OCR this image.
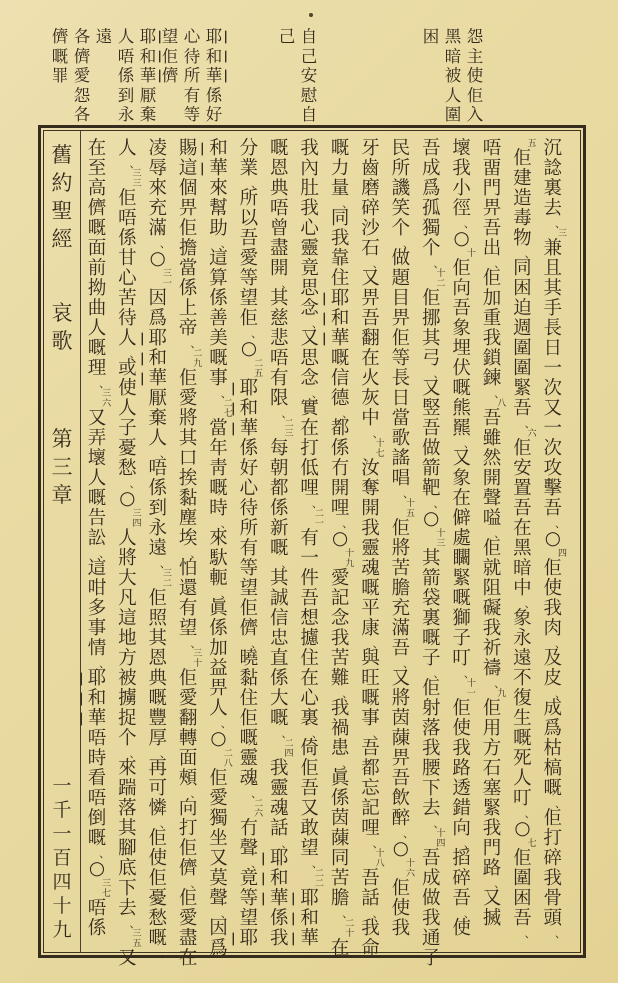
怨
主
使
佢
入
黑
暗
被
人
圍
困
自
己
安
慰
自
己
耶
和
華
係
好
心
待
所
有
等
望
佢
儕
耶
和
華
厭
棄
人
唔
係
到
永
遠
各
儕
愛
怨
各
儕
嘅
罪
舊約聖經
哀歌
第三章
一千一百四十九
沉
諗
裏
去
、
三
兼
且
其
手
長
日
一
次
又
一
次
攻
擊
吾
、
○
四
佢
使
我
肉
、
及
皮
、
成
爲
枯
槁
嘅
、
佢
打
碎
我
骨
頭
、
五
佢
建
造
毒
物
、
同
困
迫
週
圍
圍
緊
吾
、
六
佢
安
置
吾
在
黑
暗
中
、
象
永
遠
不
復
生
嘅
死
人
叮
、
○
七
佢
圍
困
吾
、
唔
畱
門
畀
吾
出
、
佢
加
重
我
鎖
鍊
、
八
吾
雖
然
開
聲
嗌
、
佢
就
阻
礙
我
祈
禱
、
九
佢
用
方
石
塞
緊
我
門
路
、
又
搣
壞
我
小
徑
、
○
十
佢
向
吾
象
埋
伏
嘅
熊
羆
、
又
象
在
僻
處
矙
緊
嘅
獅
子
叮
、
十一
佢
使
我
路
透
錯
向
、
搯
碎
吾
、
使
吾
成
爲
孤
獨
个
、
十二
佢
挪
其
弓
、
又
竪
吾
做
箭
靶
、
○
十三
其
箭
袋
裏
嘅
子
、
佢
射
落
我
腰
下
去
、
十四
吾
成
做
我
通
子
民
所
譏
笑
个
、
做
題
目
畀
佢
等
長
日
當
歌
謠
唱
、
十五
佢
將
苦
膽
充
滿
吾
、
又
將
茵
蔯
畀
吾
飲
醉
、
○
十六
佢
使
我
牙
齒
磨
碎
沙
石
、
又
畀
吾
翻
在
火
灰
中
、
十七
汝
奪
開
我
靈
魂
嘅
平
康
、
與
旺
嘅
事
、
吾
都
忘
記
哩
、
十八
吾
話
、
我
命
嘅
力
量
、
同
我
靠
住
耶
和
華
嘅
信
德
、
都
係
冇
開
哩
、
○
十九
愛
記
念
我
苦
難
、
我
禍
患
、
眞
係
茵
蔯
同
苦
膽
、
二十
在
我
內
肚
我
心
靈
竟
思
念
、
又
思
念
、
實
在
打
低
哩
、
二一
有
一
件
吾
想
攄
住
在
心
裏
、
倚
佢
吾
又
敢
望
、
二二
耶
和
華
嘅
恩
典
唔
曾
盡
開
、
其
慈
悲
唔
有
限
、
二三
每
朝
都
係
新
嘅
、
其
誠
信
忠
直
係
大
嘅
、
二四
我
靈
魂
話
、
耶
和
華
係
我
分
業
、
所
以
吾
愛
等
望
佢
、
○
二五
耶
和
華
係
好
心
待
所
有
等
望
佢
儕
、
曉
黏
住
佢
嘅
靈
魂
、
二六
冇
聲
、
竟
等
望
耶
和
華
來
幫
助
、
這
算
係
善
美
嘅
事
、
二七
當
年
靑
嘅
時
、
來
馱
軛
、
眞
係
加
益
畀
人
、
○
二八
佢
愛
獨
坐
又
莫
聲
、
因
爲
賜
這
個
畀
佢
擔
當
係
上
帝
、
二九
佢
愛
將
其
口
挨
黏
塵
埃
、
怕
還
有
望
、
三十
佢
愛
翻
轉
面
頰
、
向
打
佢
儕
、
佢
愛
盡
在
凌
辱
來
充
滿
、
○
三一
因
爲
耶
和
華
厭
棄
人
、
唔
係
到
永
遠
、
三二
佢
照
其
恩
典
嘅
豐
厚
、
再
可
憐
、
佢
使
佢
憂
愁
嘅
、
人
、
三三
佢
唔
係
甘
心
苦
待
人
、
或
使
人
子
憂
愁
、
○
三四
人
將
大
凡
這
地
方
被
擄
捉
个
、
來
踹
落
其
腳
底
下
去
、
三五
又
在
至
高
儕
嘅
面
前
拗
曲
人
嘅
理
、
三六
又
弄
壞
人
嘅
告
訟
、
這
咁
多
事
情
、
耶
和
華
唔
時
看
唔
倒
嘅
、
○
三七
唔
係
